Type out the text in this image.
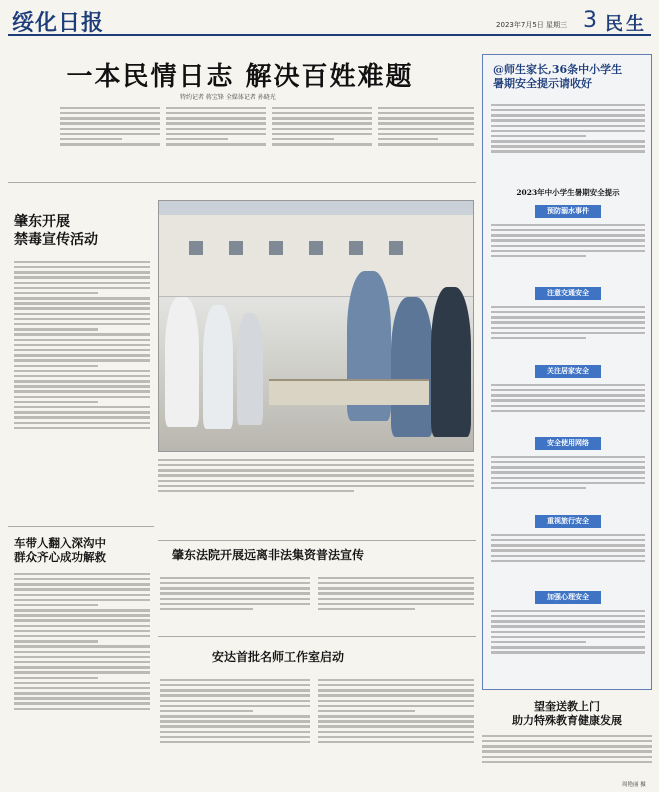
绥化日报	2023年7月5日 星期三 3 民生
一本民情日志 解决百姓难题
特约记者 蒋宝锋 全媒体记者 孙晓光
肇东开展
禁毒宣传活动
车带人翻入深沟中
群众齐心成功解救	肇东法院开展远离非法集资普法宣传
安达首批名师工作室启动
@师生家长,36条中小学生
暑期安全提示请收好
2023年中小学生暑期安全提示
预防溺水事件
注意交通安全
关注居家安全
安全使用网络
重视旅行安全
加强心理安全
望奎送教上门
助力特殊教育健康发展
周艳丽 摄
